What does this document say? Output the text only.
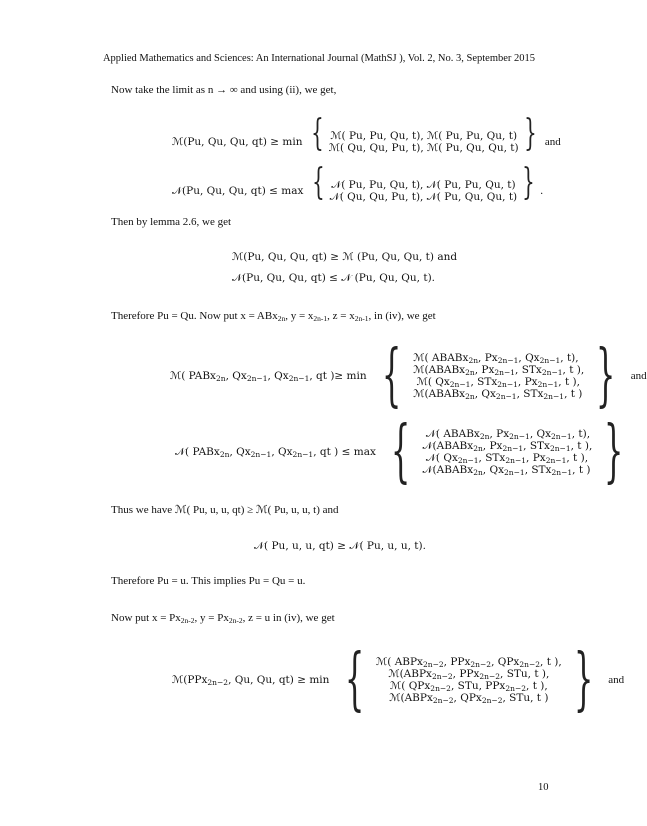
Applied Mathematics and Sciences: An International Journal (MathSJ ), Vol. 2, No. 3, September 2015
Now take the limit as n → ∞ and using (ii), we get,
ℳ(Pu, Qu, Qu, qt) ≥ min { ℳ( Pu, Pu, Qu, t), ℳ( Pu, Pu, Qu, t)
ℳ( Qu, Qu, Pu, t), ℳ( Pu, Qu, Qu, t) } and
𝒩(Pu, Qu, Qu, qt) ≤ max { 𝒩( Pu, Pu, Qu, t), 𝒩( Pu, Pu, Qu, t)
𝒩( Qu, Qu, Pu, t), 𝒩( Pu, Qu, Qu, t) } .
Then by lemma 2.6, we get
ℳ(Pu, Qu, Qu, qt) ≥ ℳ (Pu, Qu, Qu, t) and
𝒩(Pu, Qu, Qu, qt) ≤ 𝒩 (Pu, Qu, Qu, t).
Therefore Pu = Qu. Now put x = ABx$_{2n}$, $y = x_{2n-1}$, $z = x_{2n-1}$, in (iv), we get
ℳ( PABx$_{2n}$, $Qx_{2n-1}$, $Qx_{2n-1}$, qt )≥ min { ℳ( ABABx$_{2n}$, $Px_{2n-1}$, $Qx_{2n-1}$, t),
ℳ(ABABx$_{2n}$, $Px_{2n-1}$, STx$_{2n-1}$, t ),
ℳ( $Qx_{2n-1}$, STx$_{2n-1}$, $Px_{2n-1}$, t ),
ℳ(ABABx$_{2n}$, $Qx_{2n-1}$, STx$_{2n-1}$, t ) } and
𝒩( PABx$_{2n}$, $Qx_{2n-1}$, $Qx_{2n-1}$, qt ) ≤ max { 𝒩( ABABx$_{2n}$, $Px_{2n-1}$, $Qx_{2n-1}$, t),
𝒩(ABABx$_{2n}$, $Px_{2n-1}$, STx$_{2n-1}$, t ),
𝒩( $Qx_{2n-1}$, STx$_{2n-1}$, $Px_{2n-1}$, t ),
𝒩(ABABx$_{2n}$, $Qx_{2n-1}$, STx$_{2n-1}$, t ) }
Thus we have ℳ( Pu, u, u, qt) ≥ ℳ( Pu, u, u, t) and
𝒩( Pu, u, u, qt) ≥ 𝒩( Pu, u, u, t).
Therefore Pu = u. This implies Pu = Qu = u.
Now put $x = Px_{2n-2}$, $y = Px_{2n-2}$, z = u in (iv), we get
ℳ(PPx$_{2n-2}$, Qu, Qu, qt) ≥ min { ℳ( ABPx$_{2n-2}$, PPx$_{2n-2}$, QPx$_{2n-2}$, t ),
ℳ(ABPx$_{2n-2}$, PPx$_{2n-2}$, STu, t ),
ℳ( QPx$_{2n-2}$, STu, PPx$_{2n-2}$, t ),
ℳ(ABPx$_{2n-2}$, QPx$_{2n-2}$, STu, t ) } and
10
